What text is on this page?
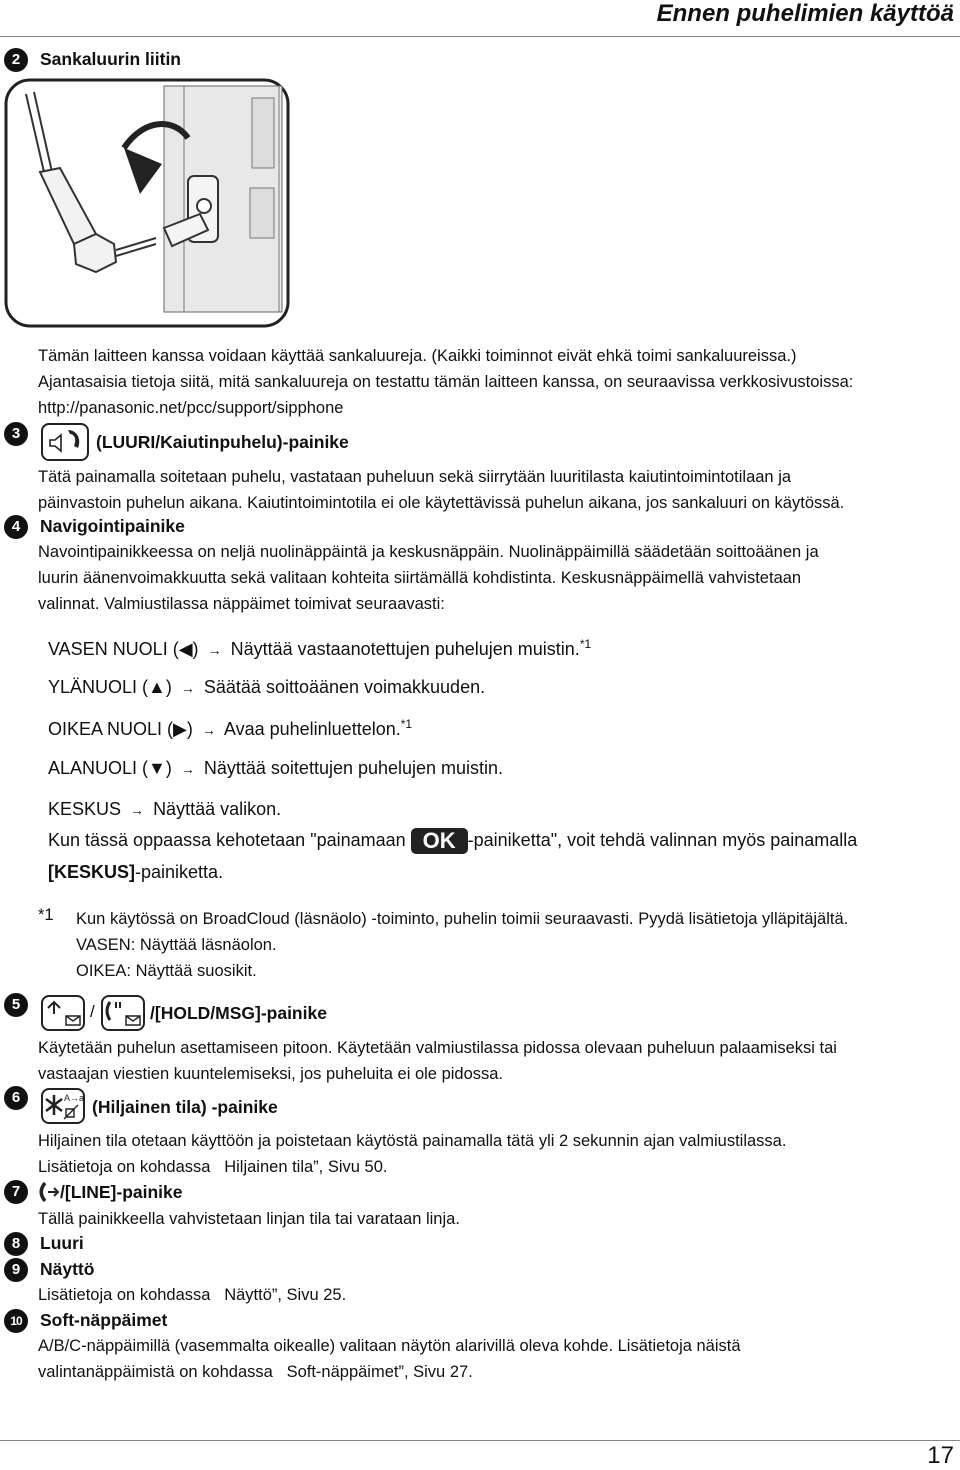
Ennen puhelimien käyttöä
2	Sankaluurin liitin
Tämän laitteen kanssa voidaan käyttää sankaluureja. (Kaikki toiminnot eivät ehkä toimi sankaluureissa.)
Ajantasaisia tietoja siitä, mitä sankaluureja on testattu tämän laitteen kanssa, on seuraavissa verkkosivustoissa:
http://panasonic.net/pcc/support/sipphone
3	(LUURI/Kaiutinpuhelu)-painike
Tätä painamalla soitetaan puhelu, vastataan puheluun sekä siirrytään luuritilasta kaiutintoimintotilaan ja
päinvastoin puhelun aikana. Kaiutintoimintotila ei ole käytettävissä puhelun aikana, jos sankaluuri on käytössä.
4	Navigointipainike
Navointipainikkeessa on neljä nuolinäppäintä ja keskusnäppäin. Nuolinäppäimillä säädetään soittoäänen ja
luurin äänenvoimakkuutta sekä valitaan kohteita siirtämällä kohdistinta. Keskusnäppäimellä vahvistetaan
valinnat. Valmiustilassa näppäimet toimivat seuraavasti:
VASEN NUOLI (◀) → Näyttää vastaanotettujen puhelujen muistin.$^{*1}$
YLÄNUOLI (▲) → Säätää soittoäänen voimakkuuden.
OIKEA NUOLI (▶) → Avaa puhelinluettelon.$^{*1}$
ALANUOLI (▼) → Näyttää soitettujen puhelujen muistin.
KESKUS → Näyttää valikon.
Kun tässä oppaassa kehotetaan "painamaan OK -painiketta", voit tehdä valinnan myös painamalla
[KESKUS]-painiketta.
*1 Kun käytössä on BroadCloud (läsnäolo) -toiminto, puhelin toimii seuraavasti. Pyydä lisätietoja ylläpitäjältä.
VASEN: Näyttää läsnäolon.
OIKEA: Näyttää suosikit.
5	/	/[HOLD/MSG]-painike
Käytetään puhelun asettamiseen pitoon. Käytetään valmiustilassa pidossa olevaan puheluun palaamiseksi tai
vastaajan viestien kuuntelemiseksi, jos puheluita ei ole pidossa.
6	A→a (Hiljainen tila) -painike
Hiljainen tila otetaan käyttöön ja poistetaan käytöstä painamalla tätä yli 2 sekunnin ajan valmiustilassa.
Lisätietoja on kohdassa   Hiljainen tila”, Sivu 50.
7	/[LINE]-painike
Tällä painikkeella vahvistetaan linjan tila tai varataan linja.
8	Luuri
9	Näyttö
Lisätietoja on kohdassa   Näyttö”, Sivu 25.
10	Soft-näppäimet
A/B/C-näppäimillä (vasemmalta oikealle) valitaan näytön alarivillä oleva kohde. Lisätietoja näistä
valintanäppäimistä on kohdassa   Soft-näppäimet”, Sivu 27.
17
